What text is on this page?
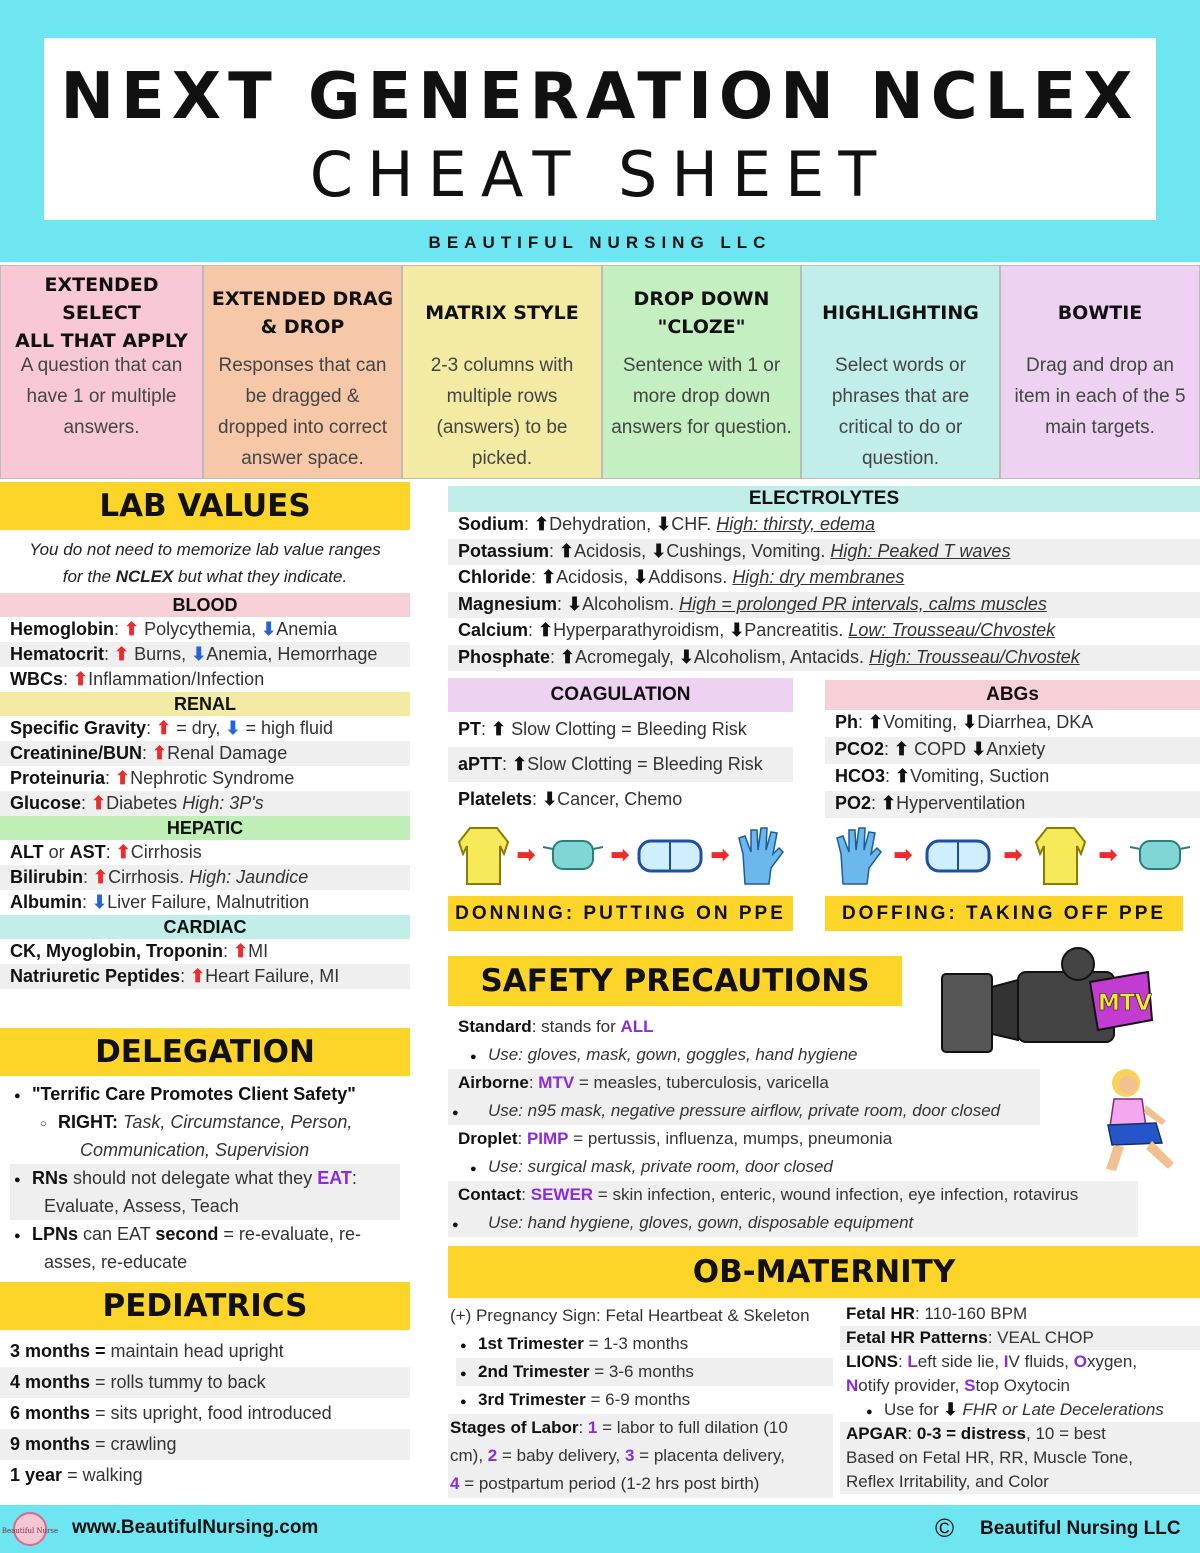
NEXT GENERATION NCLEX
CHEAT SHEET
BEAUTIFUL NURSING LLC
EXTENDED SELECT
ALL THAT APPLY

A question that can have 1 or multiple answers.

EXTENDED DRAG
& DROP

Responses that can be dragged & dropped into correct answer space.

MATRIX STYLE

2-3 columns with multiple rows (answers) to be picked.

DROP DOWN
"CLOZE"

Sentence with 1 or more drop down answers for question.

HIGHLIGHTING

Select words or phrases that are critical to do or question.

BOWTIE

Drag and drop an item in each of the 5 main targets.

LAB VALUES
You do not need to memorize lab value ranges
for the NCLEX but what they indicate.
BLOOD
Hemoglobin: ⬆ Polycythemia, ⬇Anemia
Hematocrit: ⬆ Burns, ⬇Anemia, Hemorrhage
WBCs: ⬆Inflammation/Infection
RENAL
Specific Gravity: ⬆ = dry, ⬇ = high fluid
Creatinine/BUN: ⬆Renal Damage
Proteinuria: ⬆Nephrotic Syndrome
Glucose: ⬆Diabetes High: 3P's
HEPATIC
ALT or AST: ⬆Cirrhosis
Bilirubin: ⬆Cirrhosis. High: Jaundice
Albumin: ⬇Liver Failure, Malnutrition
CARDIAC
CK, Myoglobin, Troponin: ⬆MI
Natriuretic Peptides: ⬆Heart Failure, MI
DELEGATION
● "Terrific Care Promotes Client Safety"
○ RIGHT: Task, Circumstance, Person,
Communication, Supervision
● RNs should not delegate what they EAT:
Evaluate, Assess, Teach
● LPNs can EAT second = re-evaluate, re-
asses, re-educate
PEDIATRICS
3 months = maintain head upright
4 months = rolls tummy to back
6 months = sits upright, food introduced
9 months = crawling
1 year = walking
ELECTROLYTES
Sodium: ⬆Dehydration, ⬇CHF. High: thirsty, edema
Potassium: ⬆Acidosis, ⬇Cushings, Vomiting. High: Peaked T waves
Chloride: ⬆Acidosis, ⬇Addisons. High: dry membranes
Magnesium: ⬇Alcoholism. High = prolonged PR intervals, calms muscles
Calcium: ⬆Hyperparathyroidism, ⬇Pancreatitis. Low: Trousseau/Chvostek
Phosphate: ⬆Acromegaly, ⬇Alcoholism, Antacids. High: Trousseau/Chvostek
COAGULATION
PT: ⬆ Slow Clotting = Bleeding Risk
aPTT: ⬆Slow Clotting = Bleeding Risk
Platelets: ⬇Cancer, Chemo
ABGs
Ph: ⬆Vomiting, ⬇Diarrhea, DKA
PCO2: ⬆ COPD ⬇Anxiety
HCO3: ⬆Vomiting, Suction
PO2: ⬆Hyperventilation
➡	➡	➡
DONNING: PUTTING ON PPE
➡	➡	➡
DOFFING: TAKING OFF PPE
SAFETY PRECAUTIONS
MTV
Standard: stands for ALL
● Use: gloves, mask, gown, goggles, hand hygiene
Airborne: MTV = measles, tuberculosis, varicella
● Use: n95 mask, negative pressure airflow, private room, door closed
Droplet: PIMP = pertussis, influenza, mumps, pneumonia
● Use: surgical mask, private room, door closed
Contact: SEWER = skin infection, enteric, wound infection, eye infection, rotavirus
● Use: hand hygiene, gloves, gown, disposable equipment
OB-MATERNITY
(+) Pregnancy Sign: Fetal Heartbeat & Skeleton
● 1st Trimester = 1-3 months
● 2nd Trimester = 3-6 months
● 3rd Trimester = 6-9 months
Stages of Labor: 1 = labor to full dilation (10
cm), 2 = baby delivery, 3 = placenta delivery,
4 = postpartum period (1-2 hrs post birth)
Fetal HR: 110-160 BPM
Fetal HR Patterns: VEAL CHOP
LIONS: Left side lie, IV fluids, Oxygen,
Notify provider, Stop Oxytocin
● Use for ⬇ FHR or Late Decelerations
APGAR: 0-3 = distress, 10 = best
Based on Fetal HR, RR, Muscle Tone,
Reflex Irritability, and Color
Beautiful Nurse www.BeautifulNursing.com	© Beautiful Nursing LLC
